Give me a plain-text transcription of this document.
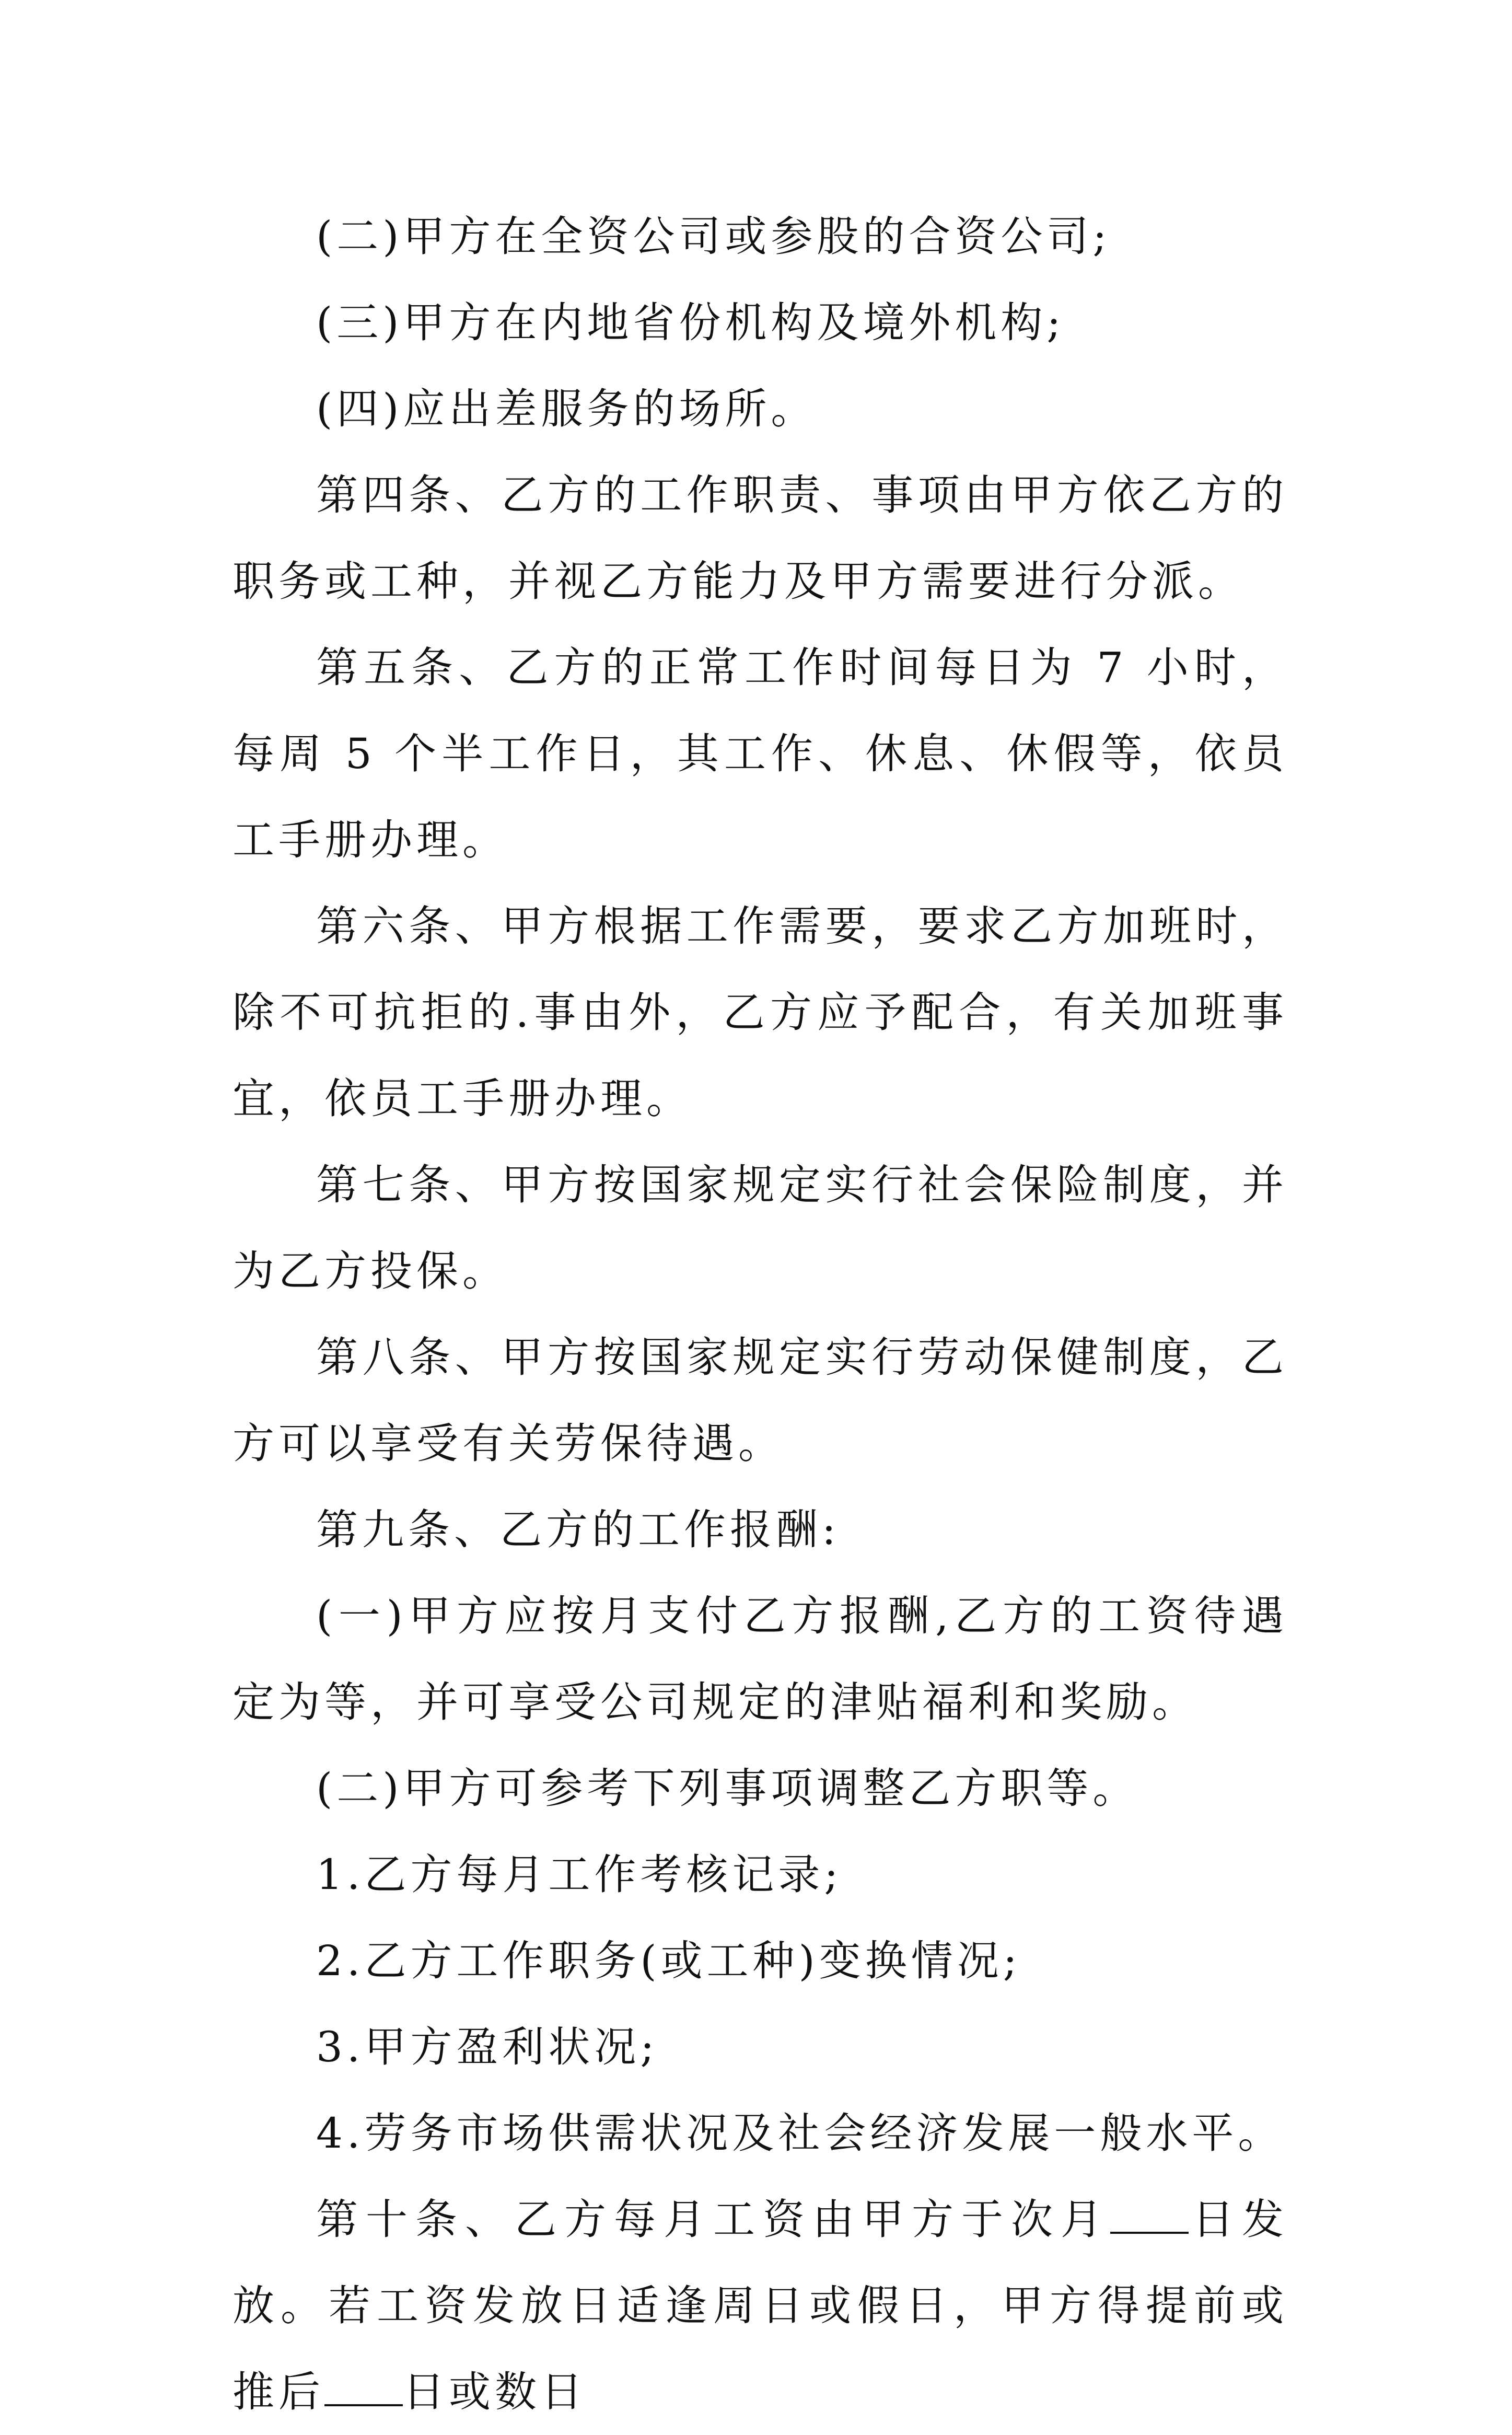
(二)甲方在全资公司或参股的合资公司;

(三)甲方在内地省份机构及境外机构;

(四)应出差服务的场所。

第四条、乙方的工作职责、事项由甲方依乙方的职务或工种，并视乙方能力及甲方需要进行分派。

第五条、乙方的正常工作时间每日为 7 小时，每周 5 个半工作日，其工作、休息、休假等，依员工手册办理。

第六条、甲方根据工作需要，要求乙方加班时，除不可抗拒的.事由外，乙方应予配合，有关加班事宜，依员工手册办理。

第七条、甲方按国家规定实行社会保险制度，并为乙方投保。

第八条、甲方按国家规定实行劳动保健制度，乙方可以享受有关劳保待遇。

第九条、乙方的工作报酬:

(一)甲方应按月支付乙方报酬,乙方的工资待遇定为等，并可享受公司规定的津贴福利和奖励。

(二)甲方可参考下列事项调整乙方职等。

1.乙方每月工作考核记录;

2.乙方工作职务(或工种)变换情况;

3.甲方盈利状况;

4.劳务市场供需状况及社会经济发展一般水平。

第十条、乙方每月工资由甲方于次月 日发放。若工资发放日适逢周日或假日，甲方得提前或推后 日或数日
